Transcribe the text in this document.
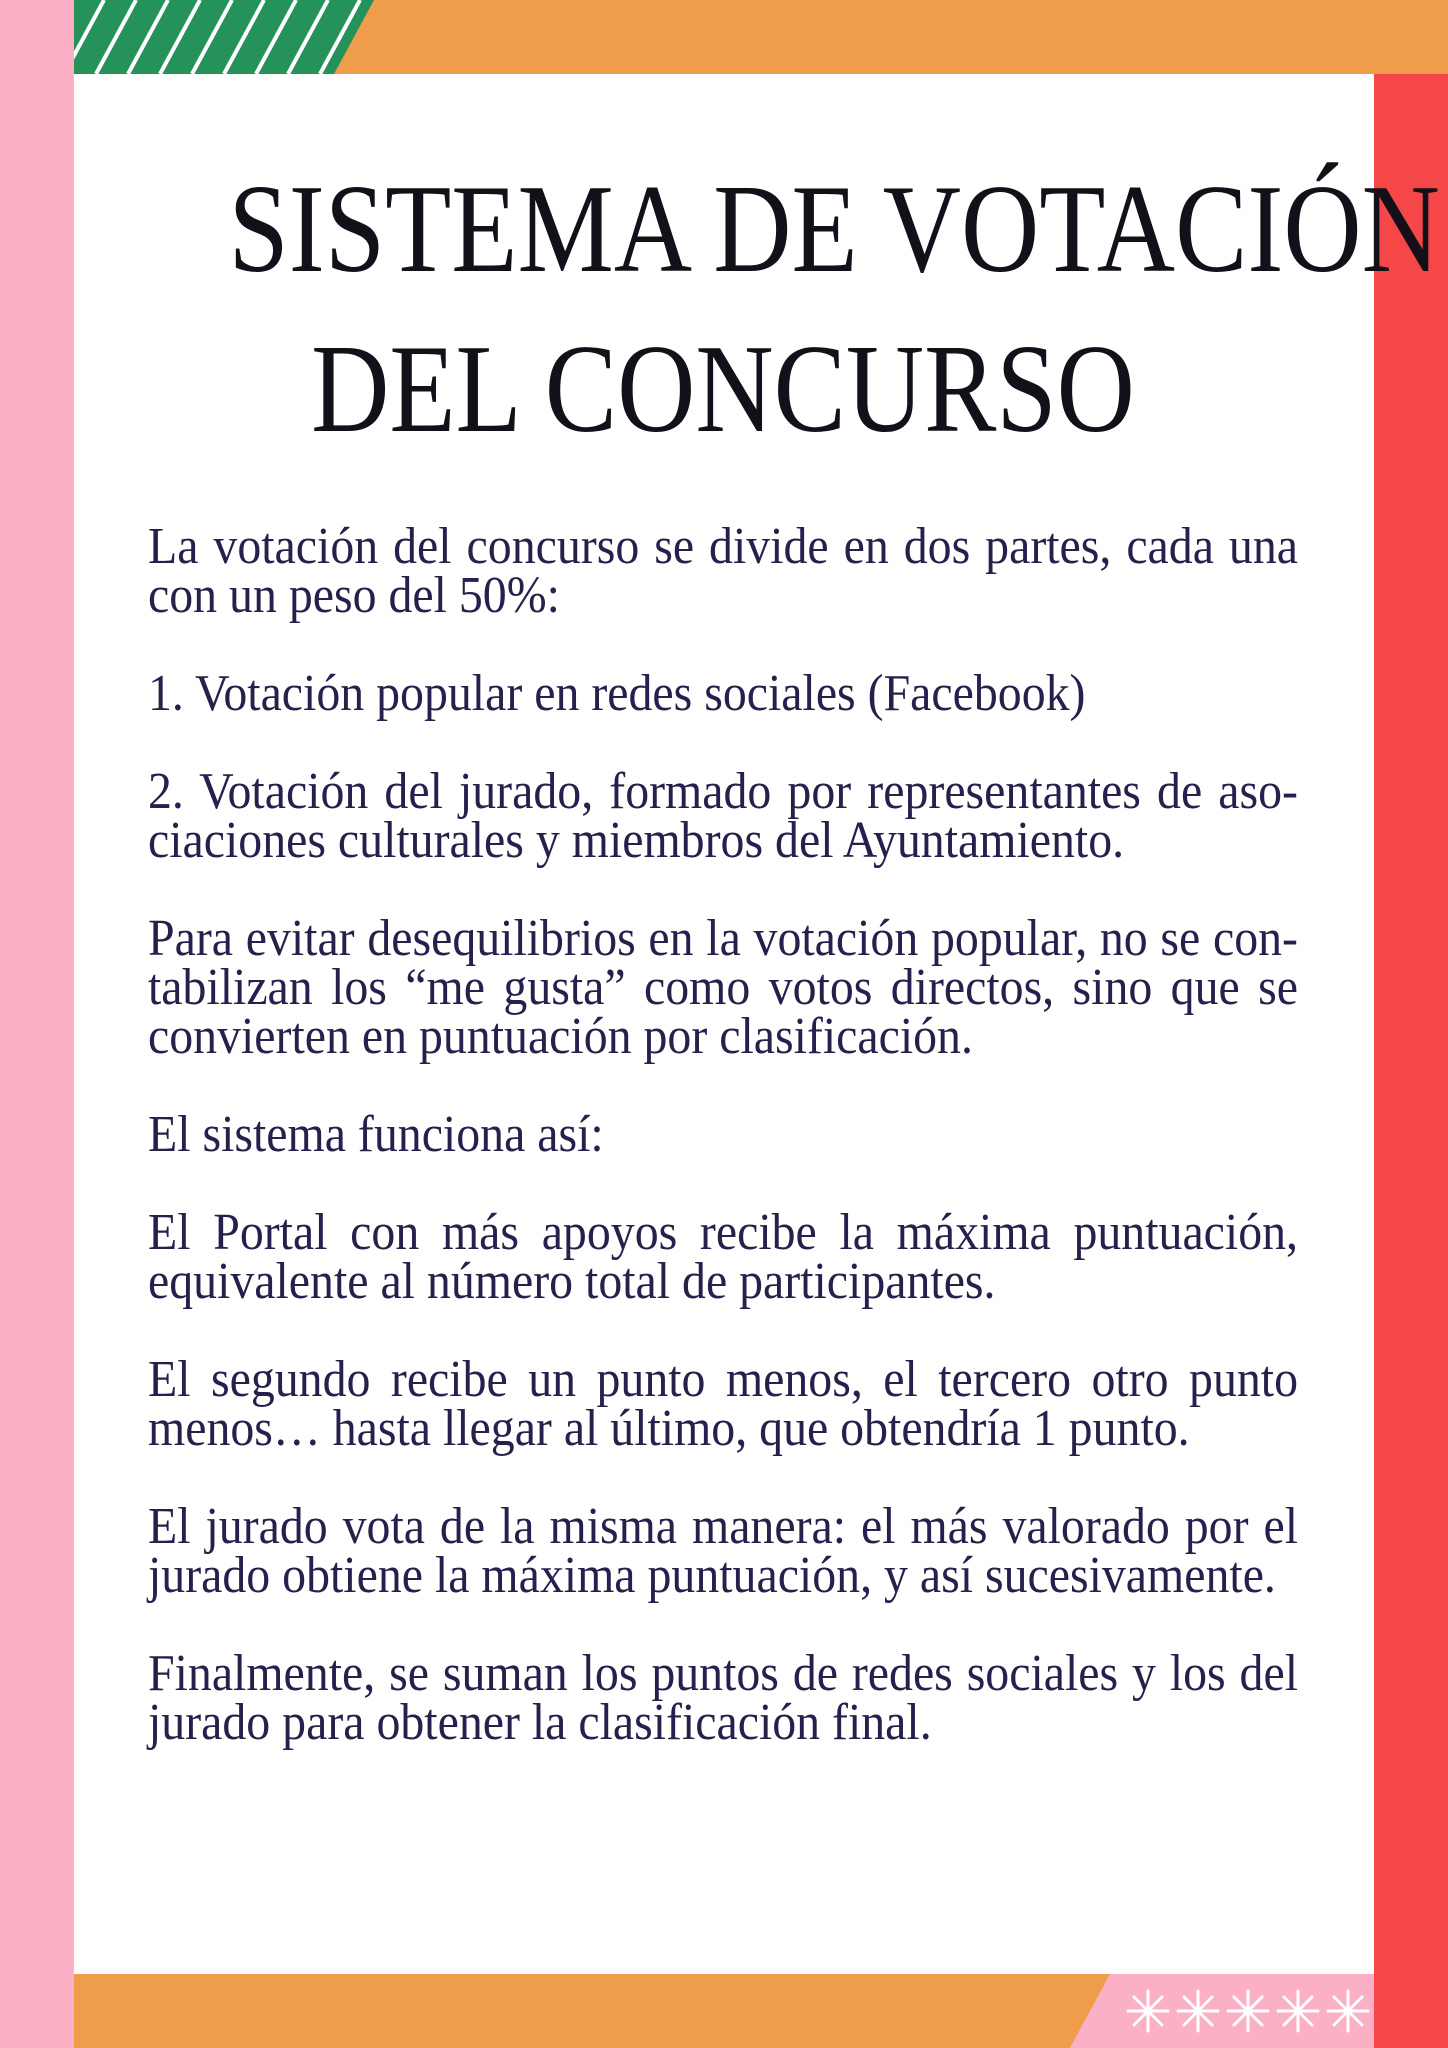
SISTEMA DE VOTACIÓN
DEL CONCURSO

La votación del concurso se divide en dos partes, cada una con un peso del 50%:

1. Votación popular en redes sociales (Facebook)

2. Votación del jurado, formado por representantes de aso-ciaciones culturales y miembros del Ayuntamiento.

Para evitar desequilibrios en la votación popular, no se con-tabilizan los “me gusta” como votos directos, sino que se convierten en puntuación por clasificación.

El sistema funciona así:

El Portal con más apoyos recibe la máxima puntuación, equivalente al número total de participantes.

El segundo recibe un punto menos, el tercero otro punto menos… hasta llegar al último, que obtendría 1 punto.

El jurado vota de la misma manera: el más valorado por el jurado obtiene la máxima puntuación, y así sucesivamente.

Finalmente, se suman los puntos de redes sociales y los del jurado para obtener la clasificación final.
